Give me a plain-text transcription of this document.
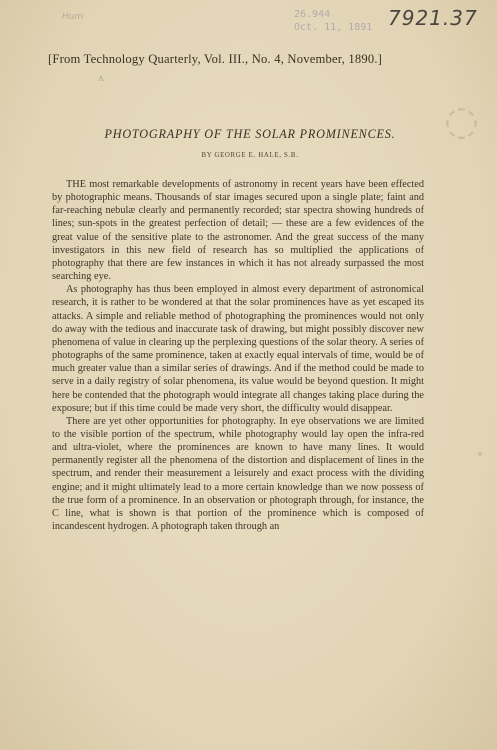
Hum	26.944
Oct. 11, 1891 7921.37
A
◌
[From Technology Quarterly, Vol. III., No. 4, November, 1890.]
PHOTOGRAPHY OF THE SOLAR PROMINENCES.
BY GEORGE E. HALE, S.B.

THE most remarkable developments of astronomy in recent years have been effected by photographic means. Thousands of star images secured upon a single plate; faint and far-reaching nebulæ clearly and permanently recorded; star spectra showing hundreds of lines; sun-spots in the greatest perfection of detail; — these are a few evidences of the great value of the sensitive plate to the astronomer. And the great success of the many investigators in this new field of research has so multiplied the applications of photography that there are few instances in which it has not already surpassed the most searching eye.

As photography has thus been employed in almost every department of astronomical research, it is rather to be wondered at that the solar prominences have as yet escaped its attacks. A simple and reliable method of photographing the prominences would not only do away with the tedious and inaccurate task of drawing, but might possibly discover new phenomena of value in clearing up the perplexing questions of the solar theory. A series of photographs of the same prominence, taken at exactly equal intervals of time, would be of much greater value than a similar series of drawings. And if the method could be made to serve in a daily registry of solar phenomena, its value would be beyond question. It might here be contended that the photograph would integrate all changes taking place during the exposure; but if this time could be made very short, the difficulty would disappear.

There are yet other opportunities for photography. In eye observations we are limited to the visible portion of the spectrum, while photography would lay open the infra-red and ultra-violet, where the prominences are known to have many lines. It would permanently register all the phenomena of the distortion and displacement of lines in the spectrum, and render their measurement a leisurely and exact process with the dividing engine; and it might ultimately lead to a more certain knowledge than we now possess of the true form of a prominence. In an observation or photograph through, for instance, the C line, what is shown is that portion of the prominence which is composed of incandescent hydrogen. A photograph taken through an
